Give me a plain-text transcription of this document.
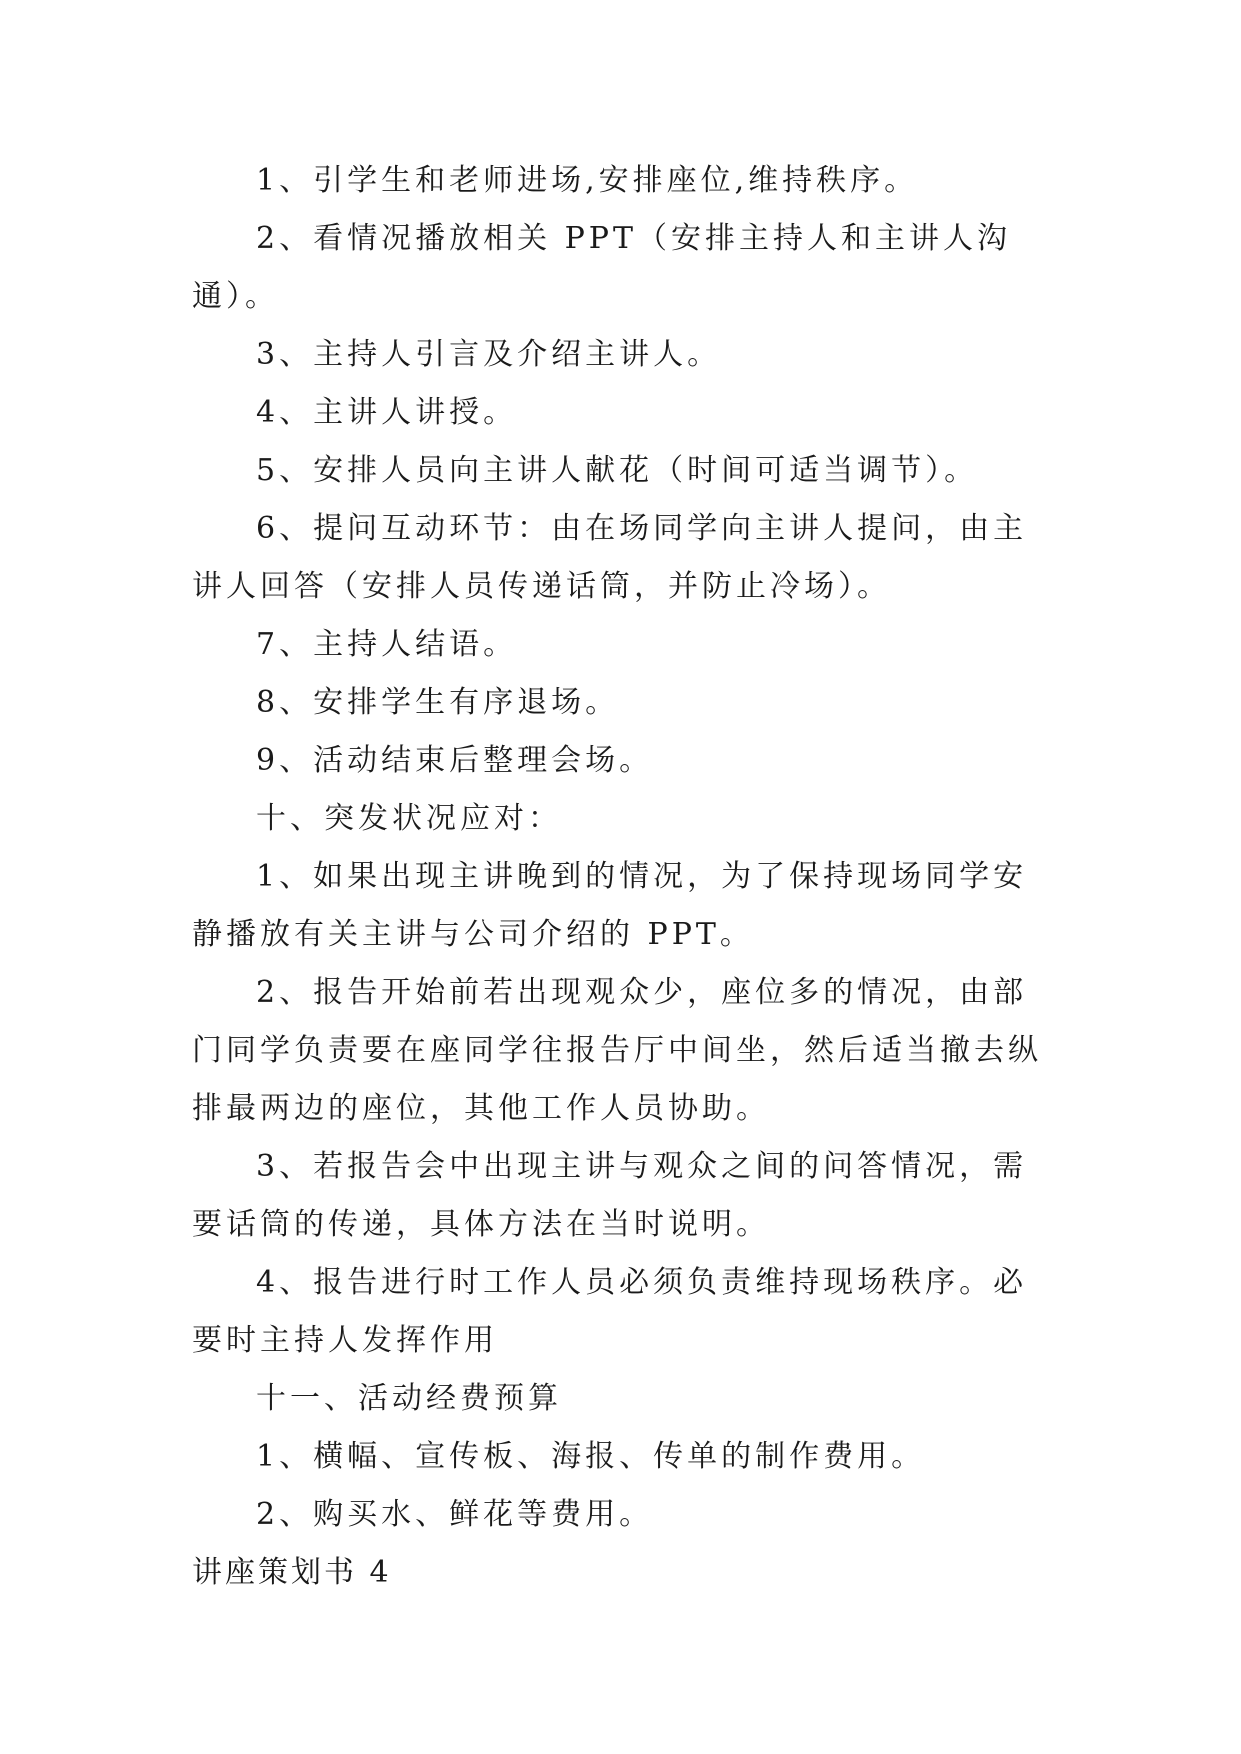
1、引学生和老师进场,安排座位,维持秩序。

2、看情况播放相关 PPT（安排主持人和主讲人沟通）。

3、主持人引言及介绍主讲人。

4、主讲人讲授。

5、安排人员向主讲人献花（时间可适当调节）。

6、提问互动环节：由在场同学向主讲人提问，由主讲人回答（安排人员传递话筒，并防止冷场）。

7、主持人结语。

8、安排学生有序退场。

9、活动结束后整理会场。

十、突发状况应对：

1、如果出现主讲晚到的情况，为了保持现场同学安静播放有关主讲与公司介绍的 PPT。

2、报告开始前若出现观众少，座位多的情况，由部门同学负责要在座同学往报告厅中间坐，然后适当撤去纵排最两边的座位，其他工作人员协助。

3、若报告会中出现主讲与观众之间的问答情况，需要话筒的传递，具体方法在当时说明。

4、报告进行时工作人员必须负责维持现场秩序。必要时主持人发挥作用

十一、活动经费预算

1、横幅、宣传板、海报、传单的制作费用。

2、购买水、鲜花等费用。

讲座策划书 4
